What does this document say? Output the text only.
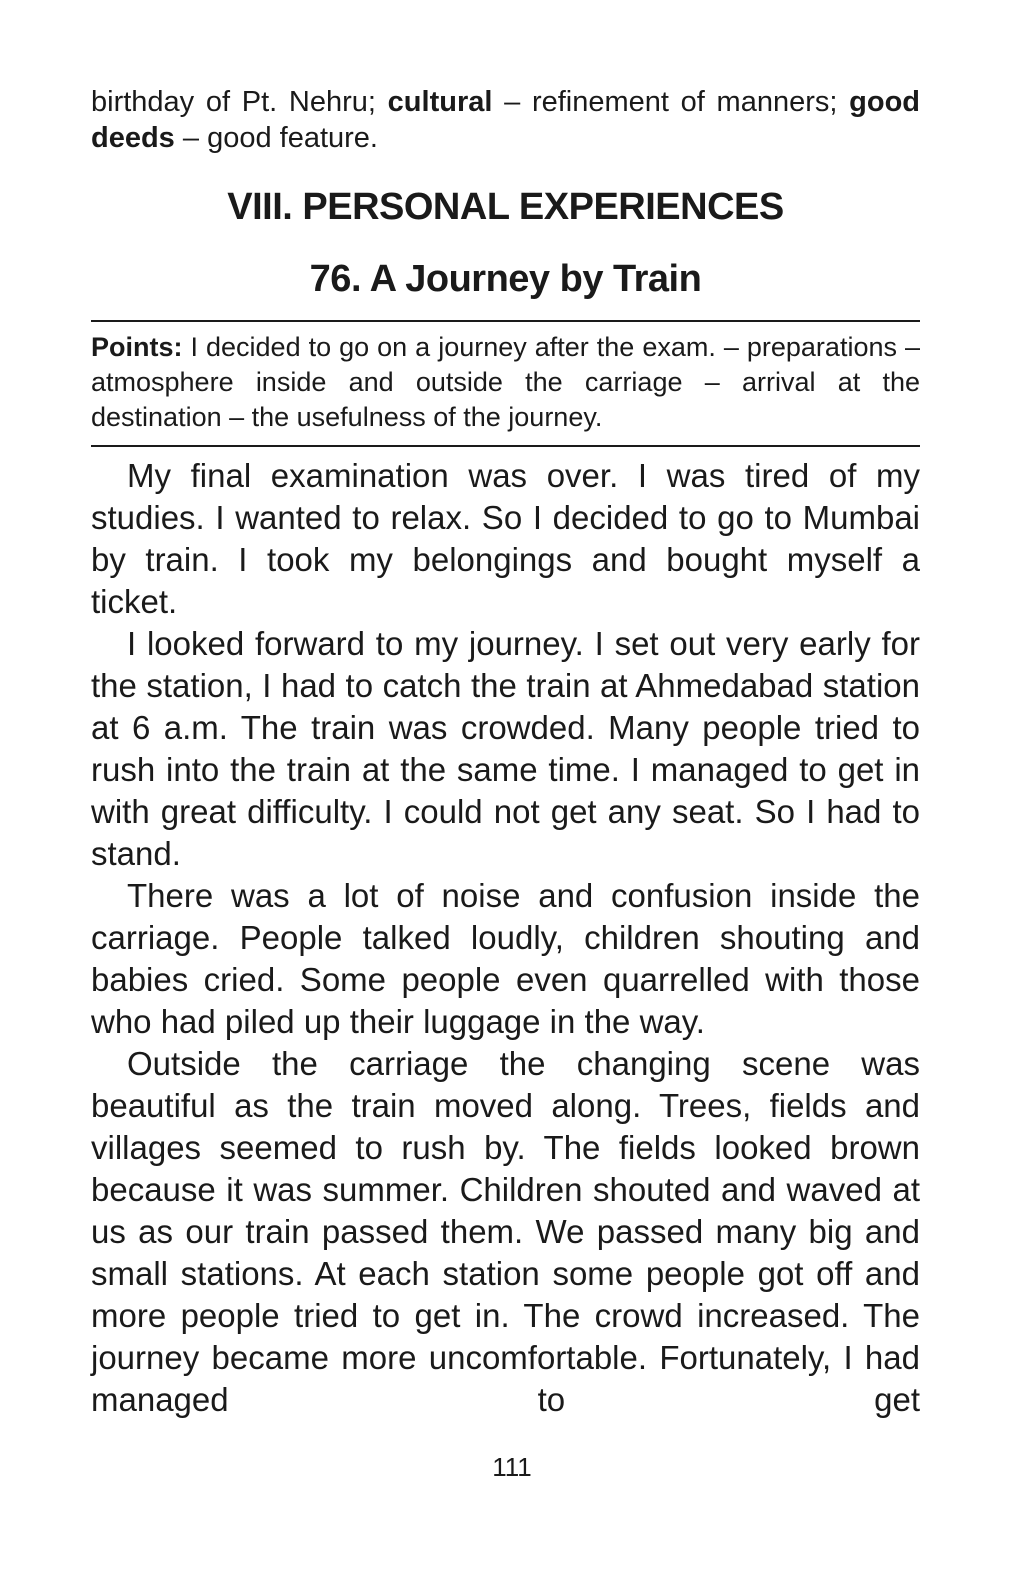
birthday of Pt. Nehru; cultural – refinement of manners; good deeds – good feature.

VIII. PERSONAL EXPERIENCES
76. A Journey by Train

Points: I decided to go on a journey after the exam. – preparations – atmosphere inside and outside the carriage – arrival at the destination – the usefulness of the journey.

My final examination was over. I was tired of my studies. I wanted to relax. So I decided to go to Mumbai by train. I took my belongings and bought myself a ticket.

I looked forward to my journey. I set out very early for the station, I had to catch the train at Ahmedabad station at 6 a.m. The train was crowded. Many people tried to rush into the train at the same time. I managed to get in with great difficulty. I could not get any seat. So I had to stand.

There was a lot of noise and confusion inside the carriage. People talked loudly, children shouting and babies cried. Some people even quarrelled with those who had piled up their luggage in the way.

Outside the carriage the changing scene was beautiful as the train moved along. Trees, fields and villages seemed to rush by. The fields looked brown because it was summer. Children shouted and waved at us as our train passed them. We passed many big and small stations. At each station some people got off and more people tried to get in. The crowd increased. The journey became more uncomfortable. Fortunately, I had managed to get

111
